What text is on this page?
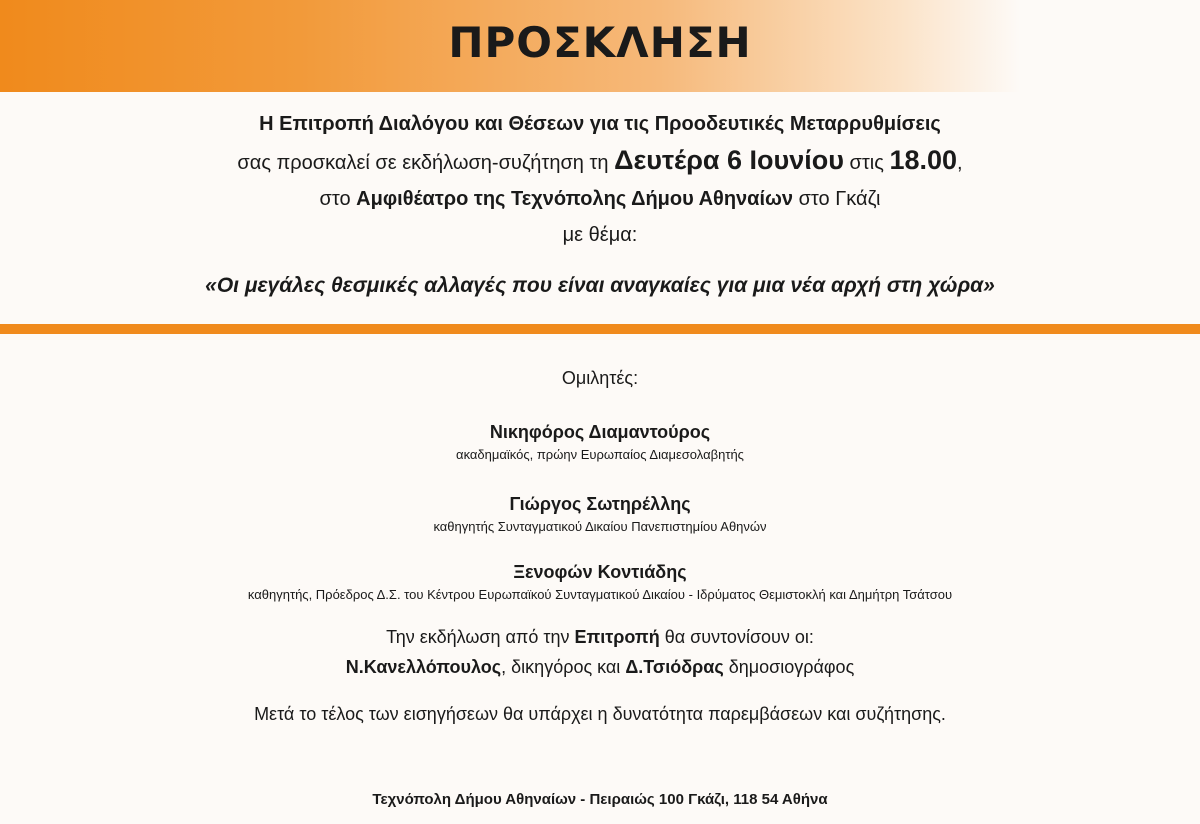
ΠΡΟΣΚΛΗΣΗ
Η Επιτροπή Διαλόγου και Θέσεων για τις Προοδευτικές Μεταρρυθμίσεις
σας προσκαλεί σε εκδήλωση-συζήτηση τη Δευτέρα 6 Ιουνίου στις 18.00,
στο Αμφιθέατρο της Τεχνόπολης Δήμου Αθηναίων στο Γκάζι
με θέμα:
«Οι μεγάλες θεσμικές αλλαγές που είναι αναγκαίες για μια νέα αρχή στη χώρα»
Ομιλητές:
Νικηφόρος Διαμαντούρος
ακαδημαϊκός, πρώην Ευρωπαίος Διαμεσολαβητής
Γιώργος Σωτηρέλλης
καθηγητής Συνταγματικού Δικαίου Πανεπιστημίου Αθηνών
Ξενοφών Κοντιάδης
καθηγητής, Πρόεδρος Δ.Σ. του Κέντρου Ευρωπαϊκού Συνταγματικού Δικαίου - Ιδρύματος Θεμιστοκλή και Δημήτρη Τσάτσου
Την εκδήλωση από την Επιτροπή θα συντονίσουν οι:
Ν.Κανελλόπουλος, δικηγόρος και Δ.Τσιόδρας δημοσιογράφος
Μετά το τέλος των εισηγήσεων θα υπάρχει η δυνατότητα παρεμβάσεων και συζήτησης.
Τεχνόπολη Δήμου Αθηναίων - Πειραιώς 100 Γκάζι, 118 54 Αθήνα
